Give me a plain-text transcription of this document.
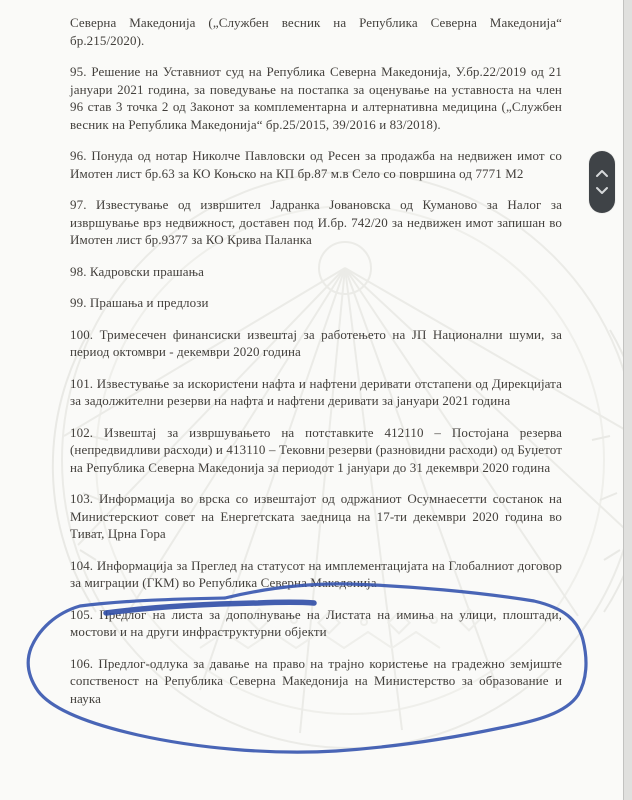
Северна Македонија („Службен весник на Република Северна Македонија“ бр.215/2020).

95. Решение на Уставниот суд на Република Северна Македонија, У.бр.22/2019 од 21 јануари 2021 година, за поведување на постапка за оценување на уставноста на член 96 став 3 точка 2 од Законот за комплементарна и алтернативна медицина („Службен весник на Република Македонија“ бр.25/2015, 39/2016 и 83/2018).

96. Понуда од нотар Николче Павловски од Ресен за продажба на недвижен имот со Имотен лист бр.63 за КО Коњско на КП бр.87 м.в Село со површина од 7771 М2

97. Известување од извршител Јадранка Јовановска од Куманово за Налог за извршување врз недвижност, доставен под И.бр. 742/20 за недвижен имот запишан во Имотен лист бр.9377 за КО Крива Паланка

98. Кадровски прашања

99. Прашања и предлози

100. Тримесечен финансиски извештај за работењето на ЈП Национални шуми, за период октомври - декември 2020 година

101. Известување за искористени нафта и нафтени деривати отстапени од Дирекцијата за задолжителни резерви на нафта и нафтени деривати за јануари 2021 година

102. Извештај за извршувањето на потставките 412110 – Постојана резерва (непредвидливи расходи) и 413110 – Тековни резерви (разновидни расходи) од Буџетот на Република Северна Македонија за периодот 1 јануари до 31 декември 2020 година

103. Информација во врска со извештајот од одржаниот Осумнаесетти состанок на Министерскиот совет на Енергетската заедница на 17-ти декември 2020 година во Тиват, Црна Гора

104. Информација за Преглед на статусот на имплементацијата на Глобалниот договор за миграции (ГКМ) во Република Северна Македонија

105. Предлог на листа за дополнување на Листата на имиња на улици, плоштади, мостови и на други инфраструктурни објекти

106. Предлог-одлука за давање на право на трајно користење на градежно земјиште сопственост на Република Северна Македонија на Министерство за образование и наука
